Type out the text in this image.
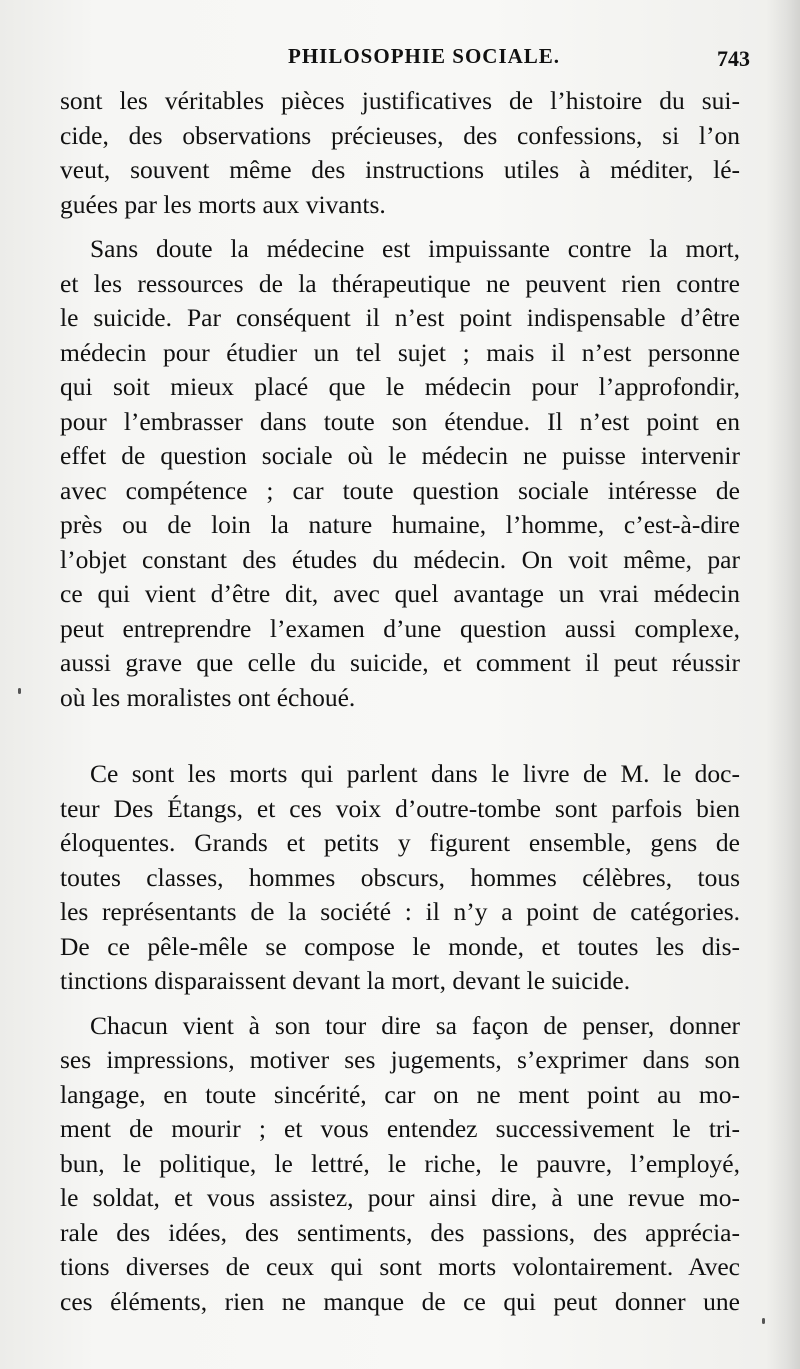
PHILOSOPHIE SOCIALE.	743
sont les véritables pièces justificatives de l’histoire du sui-
cide, des observations précieuses, des confessions, si l’on
veut, souvent même des instructions utiles à méditer, lé-
guées par les morts aux vivants.
Sans doute la médecine est impuissante contre la mort,
et les ressources de la thérapeutique ne peuvent rien contre
le suicide. Par conséquent il n’est point indispensable d’être
médecin pour étudier un tel sujet ; mais il n’est personne
qui soit mieux placé que le médecin pour l’approfondir,
pour l’embrasser dans toute son étendue. Il n’est point en
effet de question sociale où le médecin ne puisse intervenir
avec compétence ; car toute question sociale intéresse de
près ou de loin la nature humaine, l’homme, c’est-à-dire
l’objet constant des études du médecin. On voit même, par
ce qui vient d’être dit, avec quel avantage un vrai médecin
peut entreprendre l’examen d’une question aussi complexe,
aussi grave que celle du suicide, et comment il peut réussir
où les moralistes ont échoué.
Ce sont les morts qui parlent dans le livre de M. le doc-
teur Des Étangs, et ces voix d’outre-tombe sont parfois bien
éloquentes. Grands et petits y figurent ensemble, gens de
toutes classes, hommes obscurs, hommes célèbres, tous
les représentants de la société : il n’y a point de catégories.
De ce pêle-mêle se compose le monde, et toutes les dis-
tinctions disparaissent devant la mort, devant le suicide.
Chacun vient à son tour dire sa façon de penser, donner
ses impressions, motiver ses jugements, s’exprimer dans son
langage, en toute sincérité, car on ne ment point au mo-
ment de mourir ; et vous entendez successivement le tri-
bun, le politique, le lettré, le riche, le pauvre, l’employé,
le soldat, et vous assistez, pour ainsi dire, à une revue mo-
rale des idées, des sentiments, des passions, des apprécia-
tions diverses de ceux qui sont morts volontairement. Avec
ces éléments, rien ne manque de ce qui peut donner une
